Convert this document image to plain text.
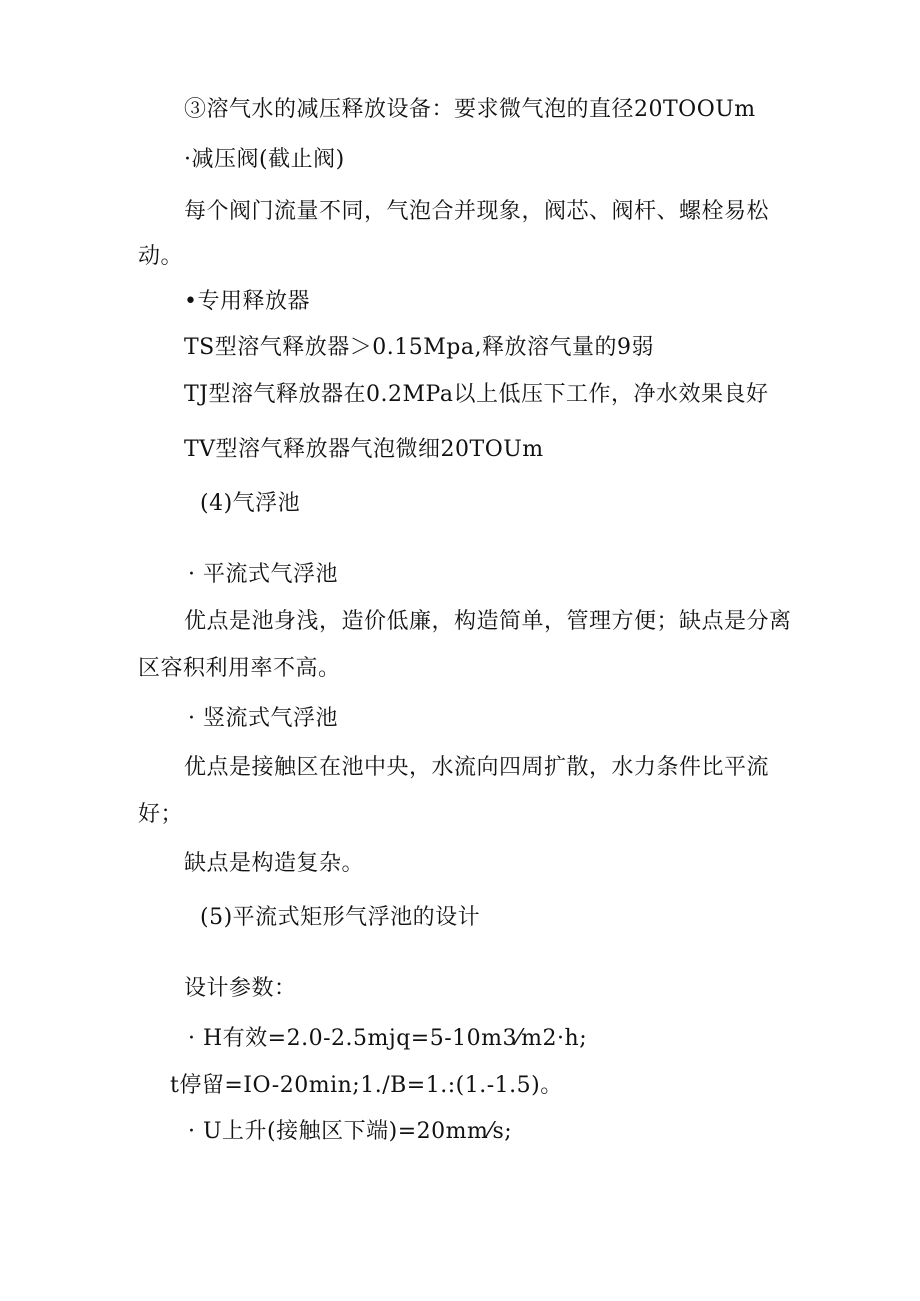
③溶气水的减压释放设备：要求微气泡的直径20TOOUm
·减压阀(截止阀)
每个阀门流量不同，气泡合并现象，阀芯、阀杆、螺栓易松
动。
•专用释放器
TS型溶气释放器＞0.15Mpa,释放溶气量的9弱
TJ型溶气释放器在0.2MPa以上低压下工作，净水效果良好
TV型溶气释放器气泡微细20TOUm
(4)气浮池
· 平流式气浮池
优点是池身浅，造价低廉，构造简单，管理方便；缺点是分离
区容积利用率不高。
· 竖流式气浮池
优点是接触区在池中央，水流向四周扩散，水力条件比平流
好；
缺点是构造复杂。
(5)平流式矩形气浮池的设计
设计参数：
· H有效=2.0-2.5mjq=5-10m3⁄m2·h;
t停留=IO-20min;1./B=1.:(1.-1.5)。
· U上升(接触区下端)=20mm⁄s;
